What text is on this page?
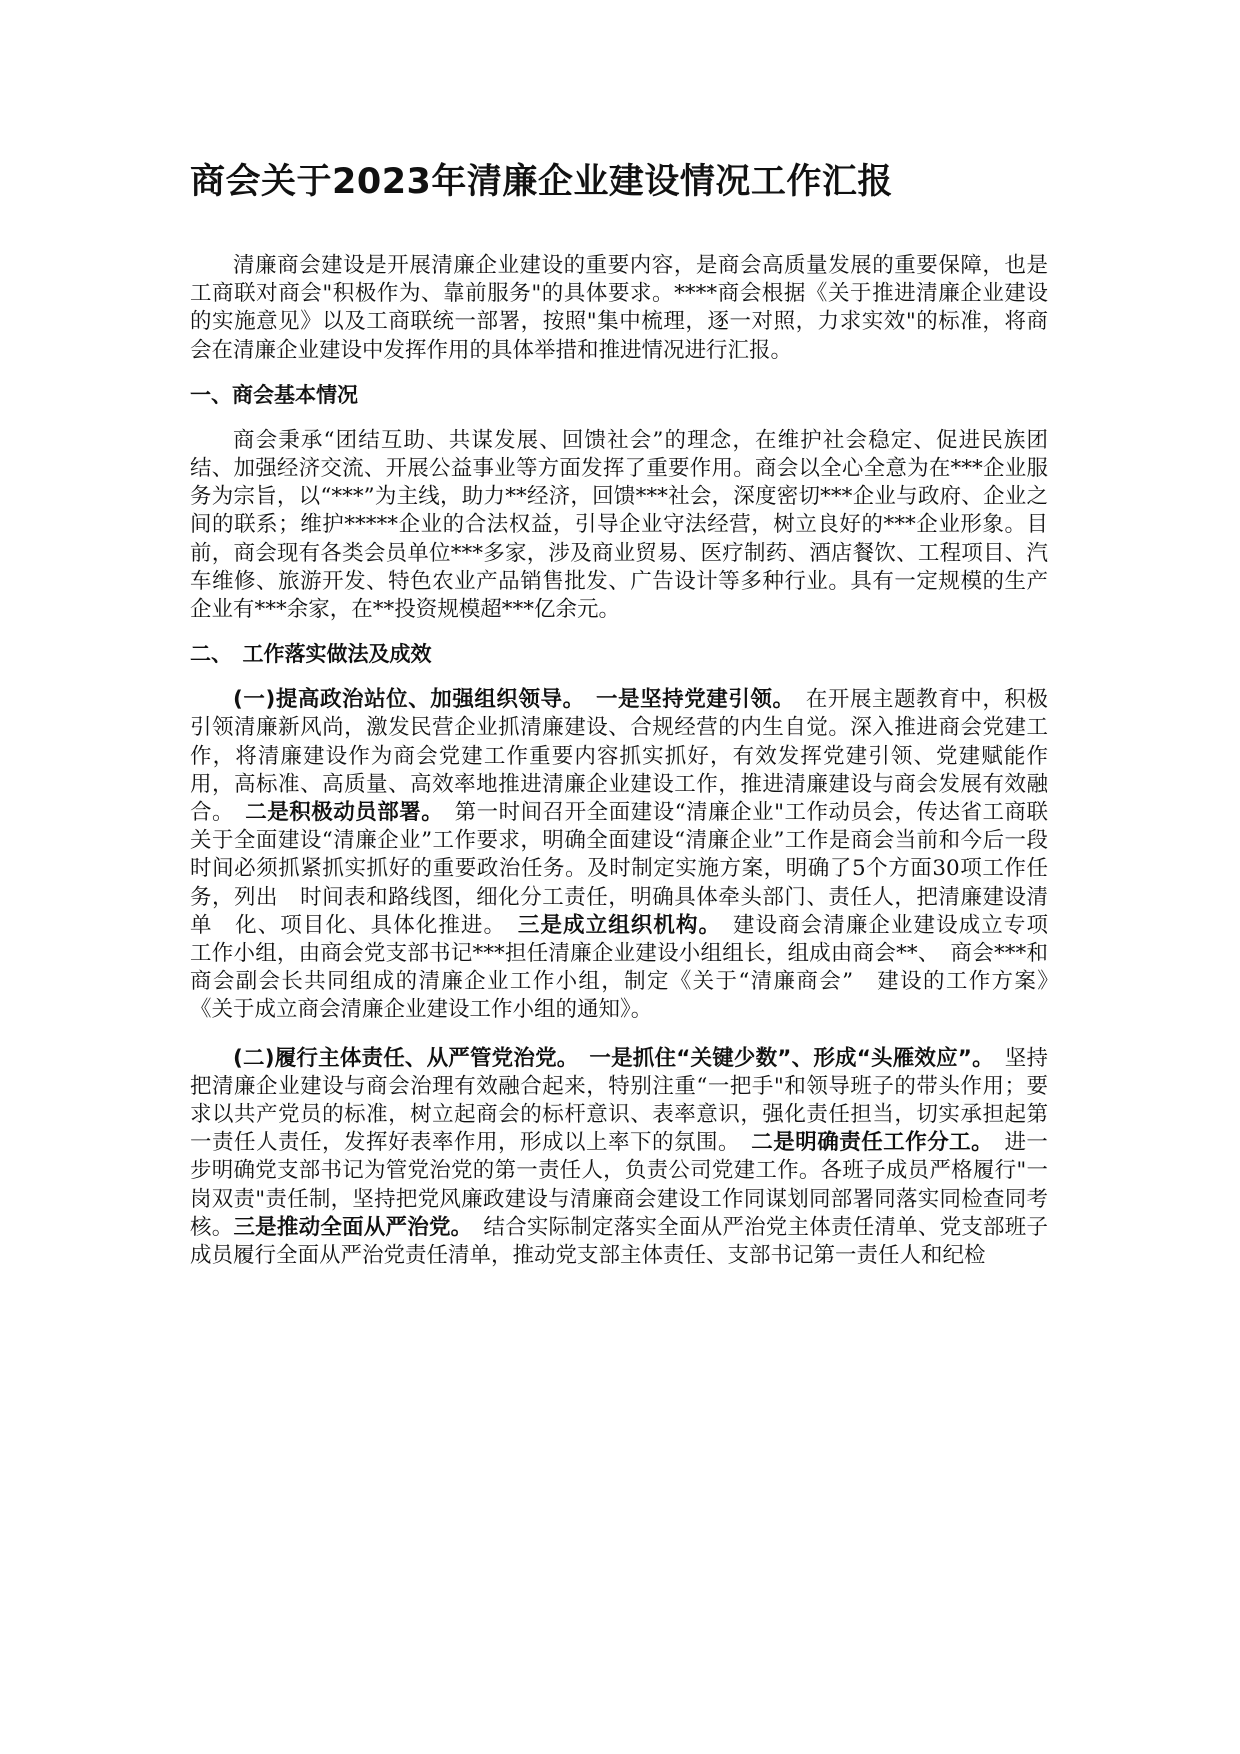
商会关于2023年清廉企业建设情况工作汇报

清廉商会建设是开展清廉企业建设的重要内容，是商会高质量发展的重要保障，也是工商联对商会"积极作为、靠前服务"的具体要求。****商会根据《关于推进清廉企业建设的实施意见》以及工商联统一部署，按照"集中梳理，逐一对照，力求实效"的标准，将商会在清廉企业建设中发挥作用的具体举措和推进情况进行汇报。

一、商会基本情况

商会秉承“团结互助、共谋发展、回馈社会”的理念，在维护社会稳定、促进民族团结、加强经济交流、开展公益事业等方面发挥了重要作用。商会以全心全意为在***企业服务为宗旨，以“***”为主线，助力**经济，回馈***社会，深度密切***企业与政府、企业之间的联系；维护*****企业的合法权益，引导企业守法经营，树立良好的***企业形象。目前，商会现有各类会员单位***多家，涉及商业贸易、医疗制药、酒店餐饮、工程项目、汽车维修、旅游开发、特色农业产品销售批发、广告设计等多种行业。具有一定规模的生产企业有***余家，在**投资规模超***亿余元。

二、　工作落实做法及成效

(一)提高政治站位、加强组织领导。　 一是坚持党建引领。　 在开展主题教育中，积极引领清廉新风尚，激发民营企业抓清廉建设、合规经营的内生自觉。深入推进商会党建工作，将清廉建设作为商会党建工作重要内容抓实抓好，有效发挥党建引领、党建赋能作用，高标准、高质量、高效率地推进清廉企业建设工作，推进清廉建设与商会发展有效融合。　 二是积极动员部署。　 第一时间召开全面建设“清廉企业"工作动员会，传达省工商联关于全面建设“清廉企业”工作要求，明确全面建设“清廉企业”工作是商会当前和今后一段时间必须抓紧抓实抓好的重要政治任务。及时制定实施方案，明确了5个方面30项工作任务，列出　时间表和路线图，细化分工责任，明确具体牵头部门、责任人，把清廉建设清单　化、项目化、具体化推进。　 三是成立组织机构。　 建设商会清廉企业建设成立专项　工作小组，由商会党支部书记***担任清廉企业建设小组组长，组成由商会**、　商会***和商会副会长共同组成的清廉企业工作小组，制定《关于“清廉商会”　建设的工作方案》　《关于成立商会清廉企业建设工作小组的通知》。

(二)履行主体责任、从严管党治党。　 一是抓住“关键少数”、形成“头雁效应”。　 坚持把清廉企业建设与商会治理有效融合起来，特别注重“一把手"和领导班子的带头作用；要求以共产党员的标准，树立起商会的标杆意识、表率意识，强化责任担当，切实承担起第一责任人责任，发挥好表率作用，形成以上率下的氛围。　 二是明确责任工作分工。　 进一步明确党支部书记为管党治党的第一责任人，负责公司党建工作。各班子成员严格履行"一　岗双责"责任制，坚持把党风廉政建设与清廉商会建设工作同谋划同部署同落实同检查同考核。三是推动全面从严治党。　 结合实际制定落实全面从严治党主体责任清单、党支部班子成员履行全面从严治党责任清单，推动党支部主体责任、支部书记第一责任人和纪检
